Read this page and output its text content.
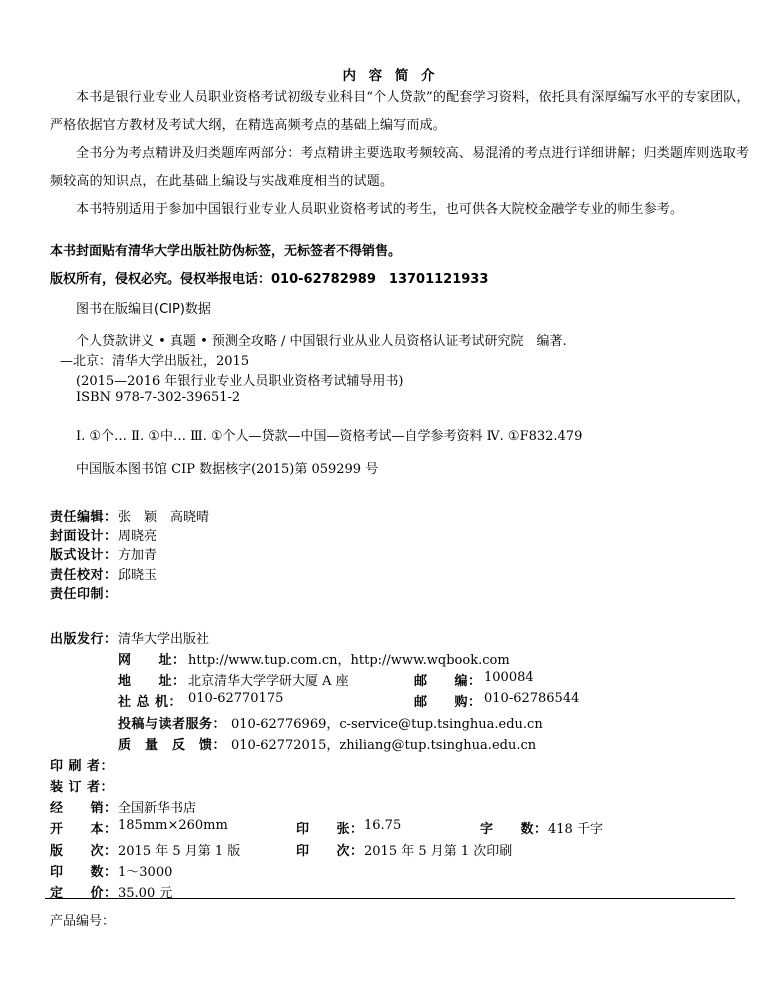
内 容 简 介
本书是银行业专业人员职业资格考试初级专业科目“个人贷款”的配套学习资料，依托具有深厚编写水平的专家团队，严格依据官方教材及考试大纲，在精选高频考点的基础上编写而成。
全书分为考点精讲及归类题库两部分：考点精讲主要选取考频较高、易混淆的考点进行详细讲解；归类题库则选取考频较高的知识点，在此基础上编设与实战难度相当的试题。
本书特别适用于参加中国银行业专业人员职业资格考试的考生，也可供各大院校金融学专业的师生参考。
本书封面贴有清华大学出版社防伪标签，无标签者不得销售。
版权所有，侵权必究。侵权举报电话：010-62782989　13701121933
图书在版编目(CIP)数据
个人贷款讲义 • 真题 • 预测全攻略 / 中国银行业从业人员资格认证考试研究院　编著.
—北京：清华大学出版社，2015
(2015—2016 年银行业专业人员职业资格考试辅导用书)
ISBN 978-7-302-39651-2
Ⅰ. ①个… Ⅱ. ①中… Ⅲ. ①个人—贷款—中国—资格考试—自学参考资料 Ⅳ. ①F832.479
中国版本图书馆 CIP 数据核字(2015)第 059299 号
责任编辑： 张　颖　高晓晴
封面设计： 周晓亮
版式设计： 方加青
责任校对： 邱晓玉
责任印制：
出版发行： 清华大学出版社
网　　址： http://www.tup.com.cn，http://www.wqbook.com
地　　址： 北京清华大学学研大厦 A 座	邮　　编： 100084
社 总 机： 010-62770175	邮　　购： 010-62786544
投稿与读者服务： 010-62776969，c-service@tup.tsinghua.edu.cn
质　量　反　馈： 010-62772015，zhiliang@tup.tsinghua.edu.cn
印 刷 者：
装 订 者：
经　　销： 全国新华书店
开　　本： 185mm×260mm	印　　张： 16.75	字　　数： 418 千字
版　　次： 2015 年 5 月第 1 版	印　　次： 2015 年 5 月第 1 次印刷
印　　数： 1～3000
定　　价： 35.00 元
产品编号：
